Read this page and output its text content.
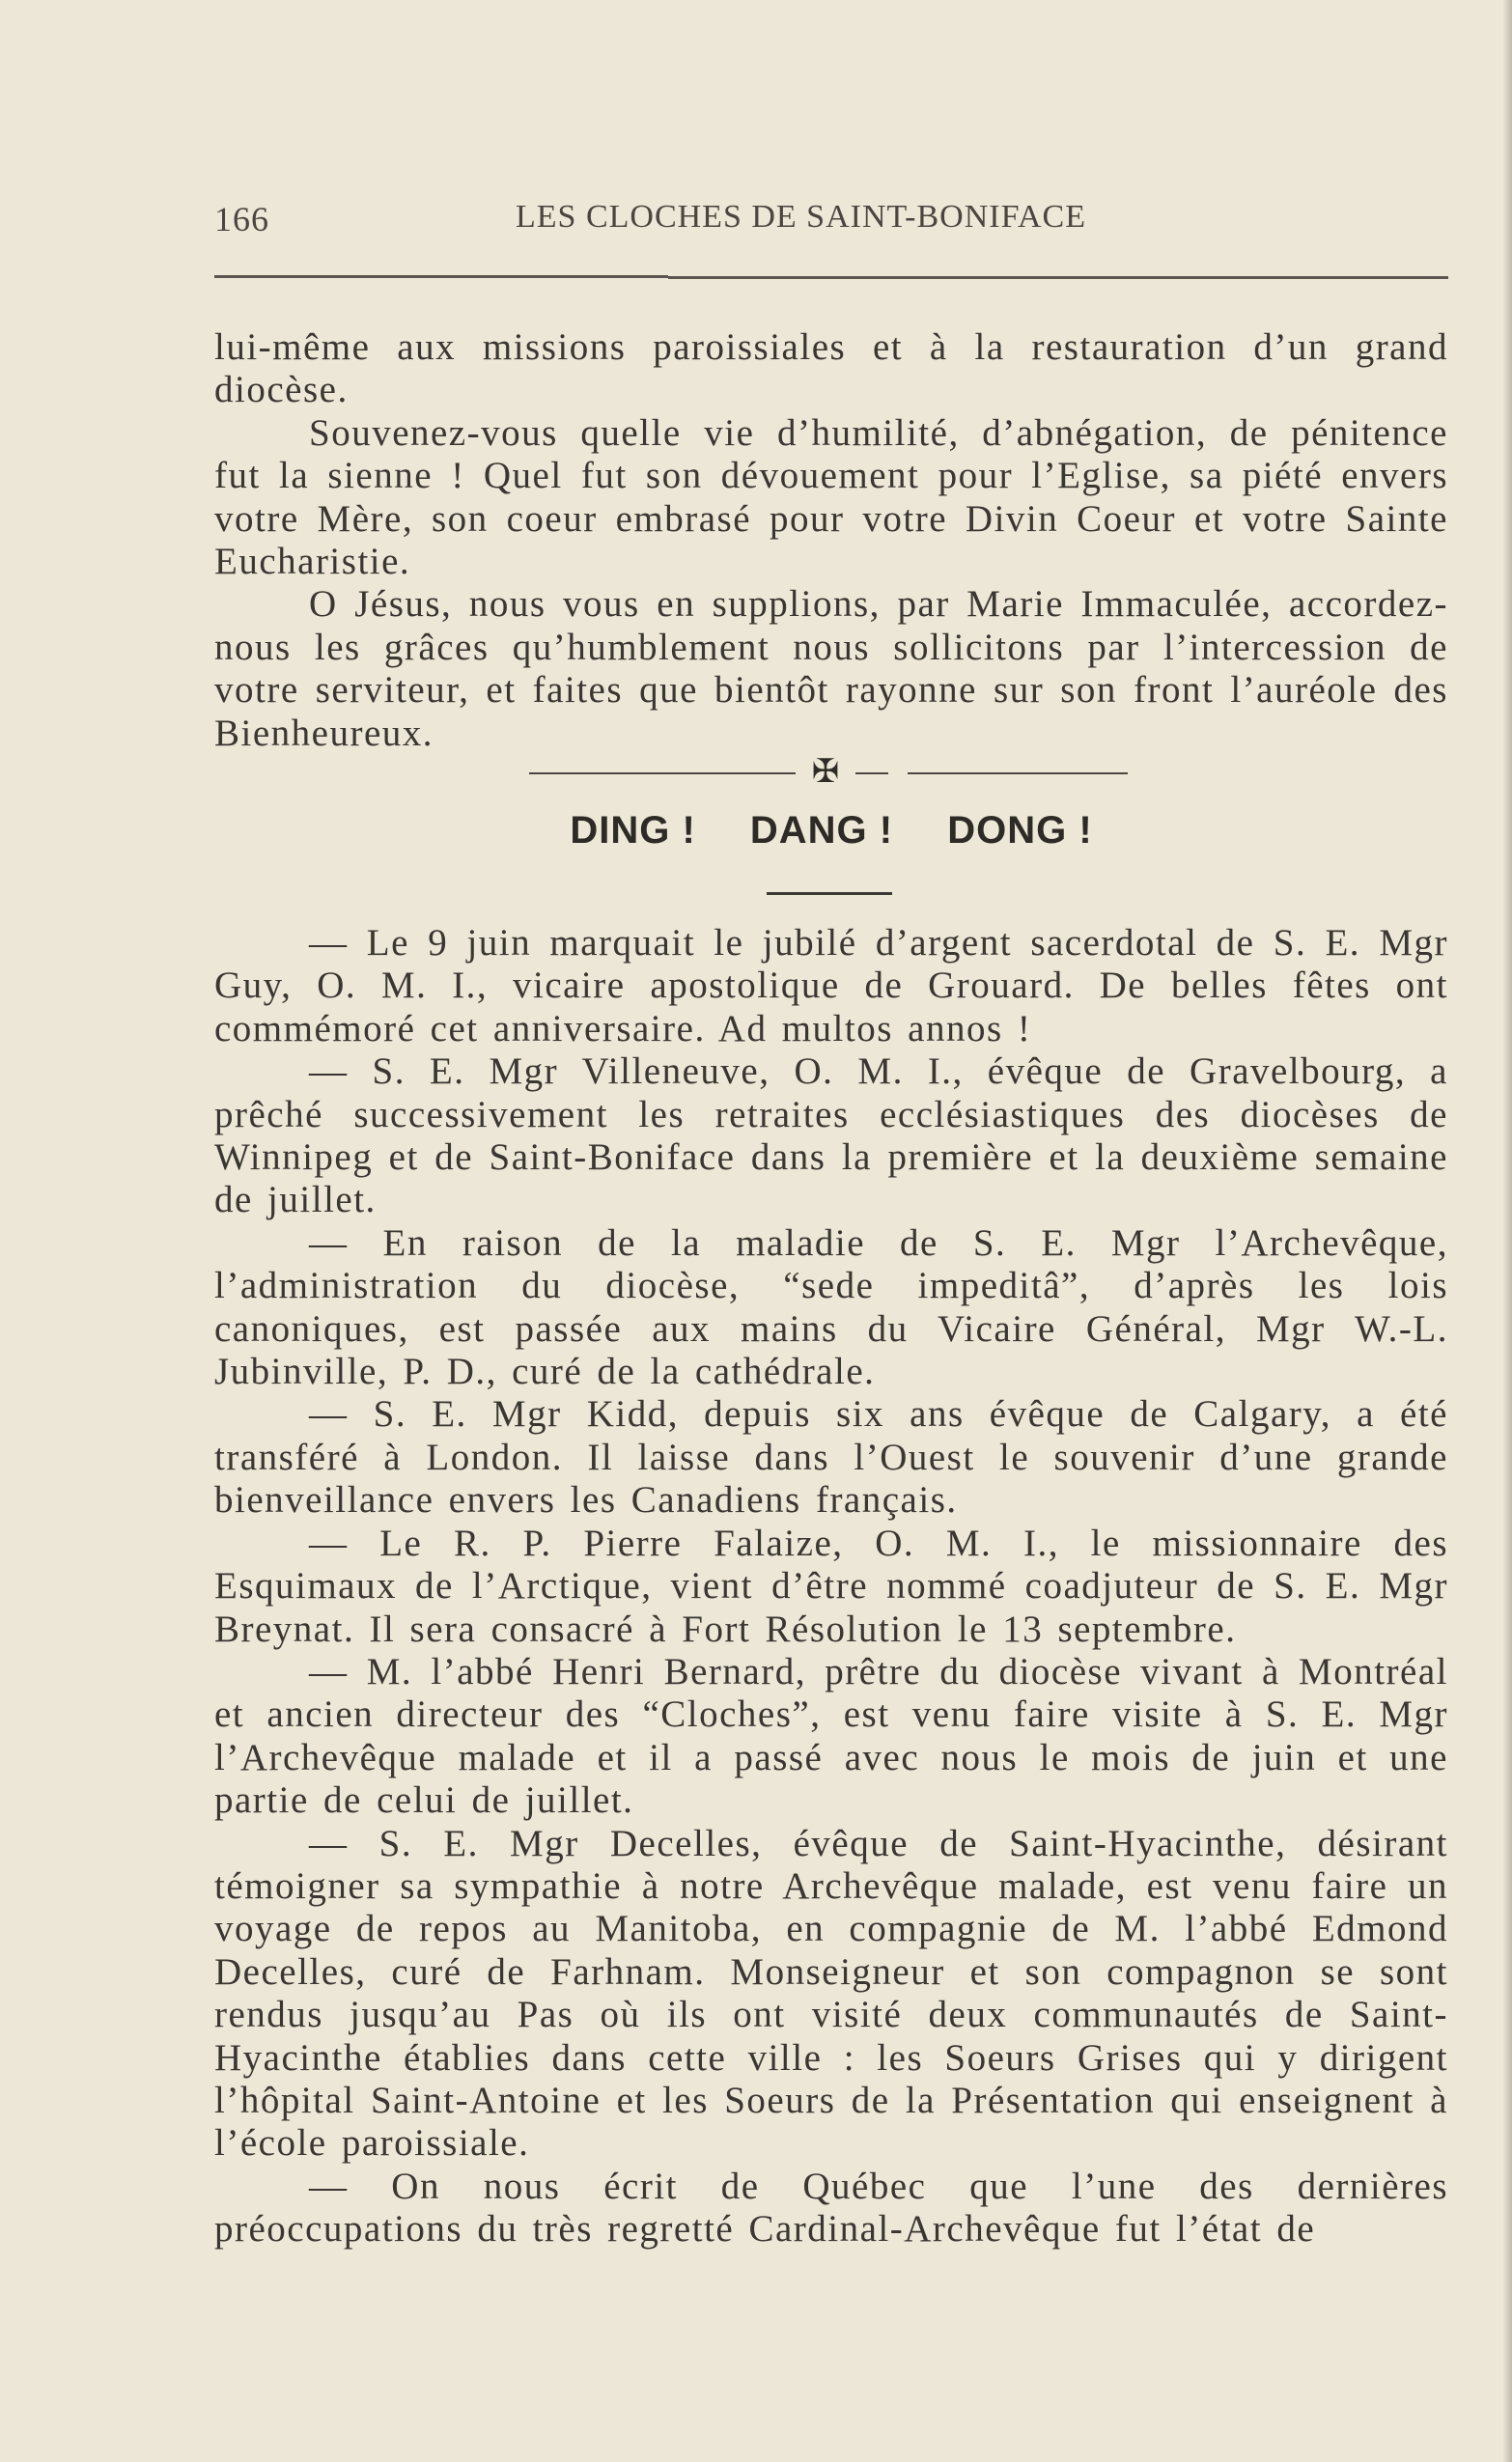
166	LES CLOCHES DE SAINT-BONIFACE

lui-même aux missions paroissiales et à la restauration d’un grand diocèse.

Souvenez-vous quelle vie d’humilité, d’abnégation, de pénitence fut la sienne ! Quel fut son dévouement pour l’Eglise, sa piété envers votre Mère, son coeur embrasé pour votre Divin Coeur et votre Sainte Eucharistie.

O Jésus, nous vous en supplions, par Marie Immaculée, accordez-nous les grâces qu’humblement nous sollicitons par l’intercession de votre serviteur, et faites que bientôt rayonne sur son front l’auréole des Bienheureux.

✠
DING ! DANG ! DONG !

— Le 9 juin marquait le jubilé d’argent sacerdotal de S. E. Mgr Guy, O. M. I., vicaire apostolique de Grouard. De belles fêtes ont commémoré cet anniversaire. Ad multos annos !

— S. E. Mgr Villeneuve, O. M. I., évêque de Gravelbourg, a prêché successivement les retraites ecclésiastiques des diocèses de Winnipeg et de Saint-Boniface dans la première et la deuxième semaine de juillet.

— En raison de la maladie de S. E. Mgr l’Archevêque, l’administration du diocèse, “sede impeditâ”, d’après les lois canoniques, est passée aux mains du Vicaire Général, Mgr W.-L. Jubinville, P. D., curé de la cathédrale.

— S. E. Mgr Kidd, depuis six ans évêque de Calgary, a été transféré à London. Il laisse dans l’Ouest le souvenir d’une grande bienveillance envers les Canadiens français.

— Le R. P. Pierre Falaize, O. M. I., le missionnaire des Esquimaux de l’Arctique, vient d’être nommé coadjuteur de S. E. Mgr Breynat. Il sera consacré à Fort Résolution le 13 septembre.

— M. l’abbé Henri Bernard, prêtre du diocèse vivant à Montréal et ancien directeur des “Cloches”, est venu faire visite à S. E. Mgr l’Archevêque malade et il a passé avec nous le mois de juin et une partie de celui de juillet.

— S. E. Mgr Decelles, évêque de Saint-Hyacinthe, désirant témoigner sa sympathie à notre Archevêque malade, est venu faire un voyage de repos au Manitoba, en compagnie de M. l’abbé Edmond Decelles, curé de Farhnam. Monseigneur et son compagnon se sont rendus jusqu’au Pas où ils ont visité deux communautés de Saint-Hyacinthe établies dans cette ville : les Soeurs Grises qui y dirigent l’hôpital Saint-Antoine et les Soeurs de la Présentation qui enseignent à l’école paroissiale.

— On nous écrit de Québec que l’une des dernières préoccupations du très regretté Cardinal-Archevêque fut l’état de
